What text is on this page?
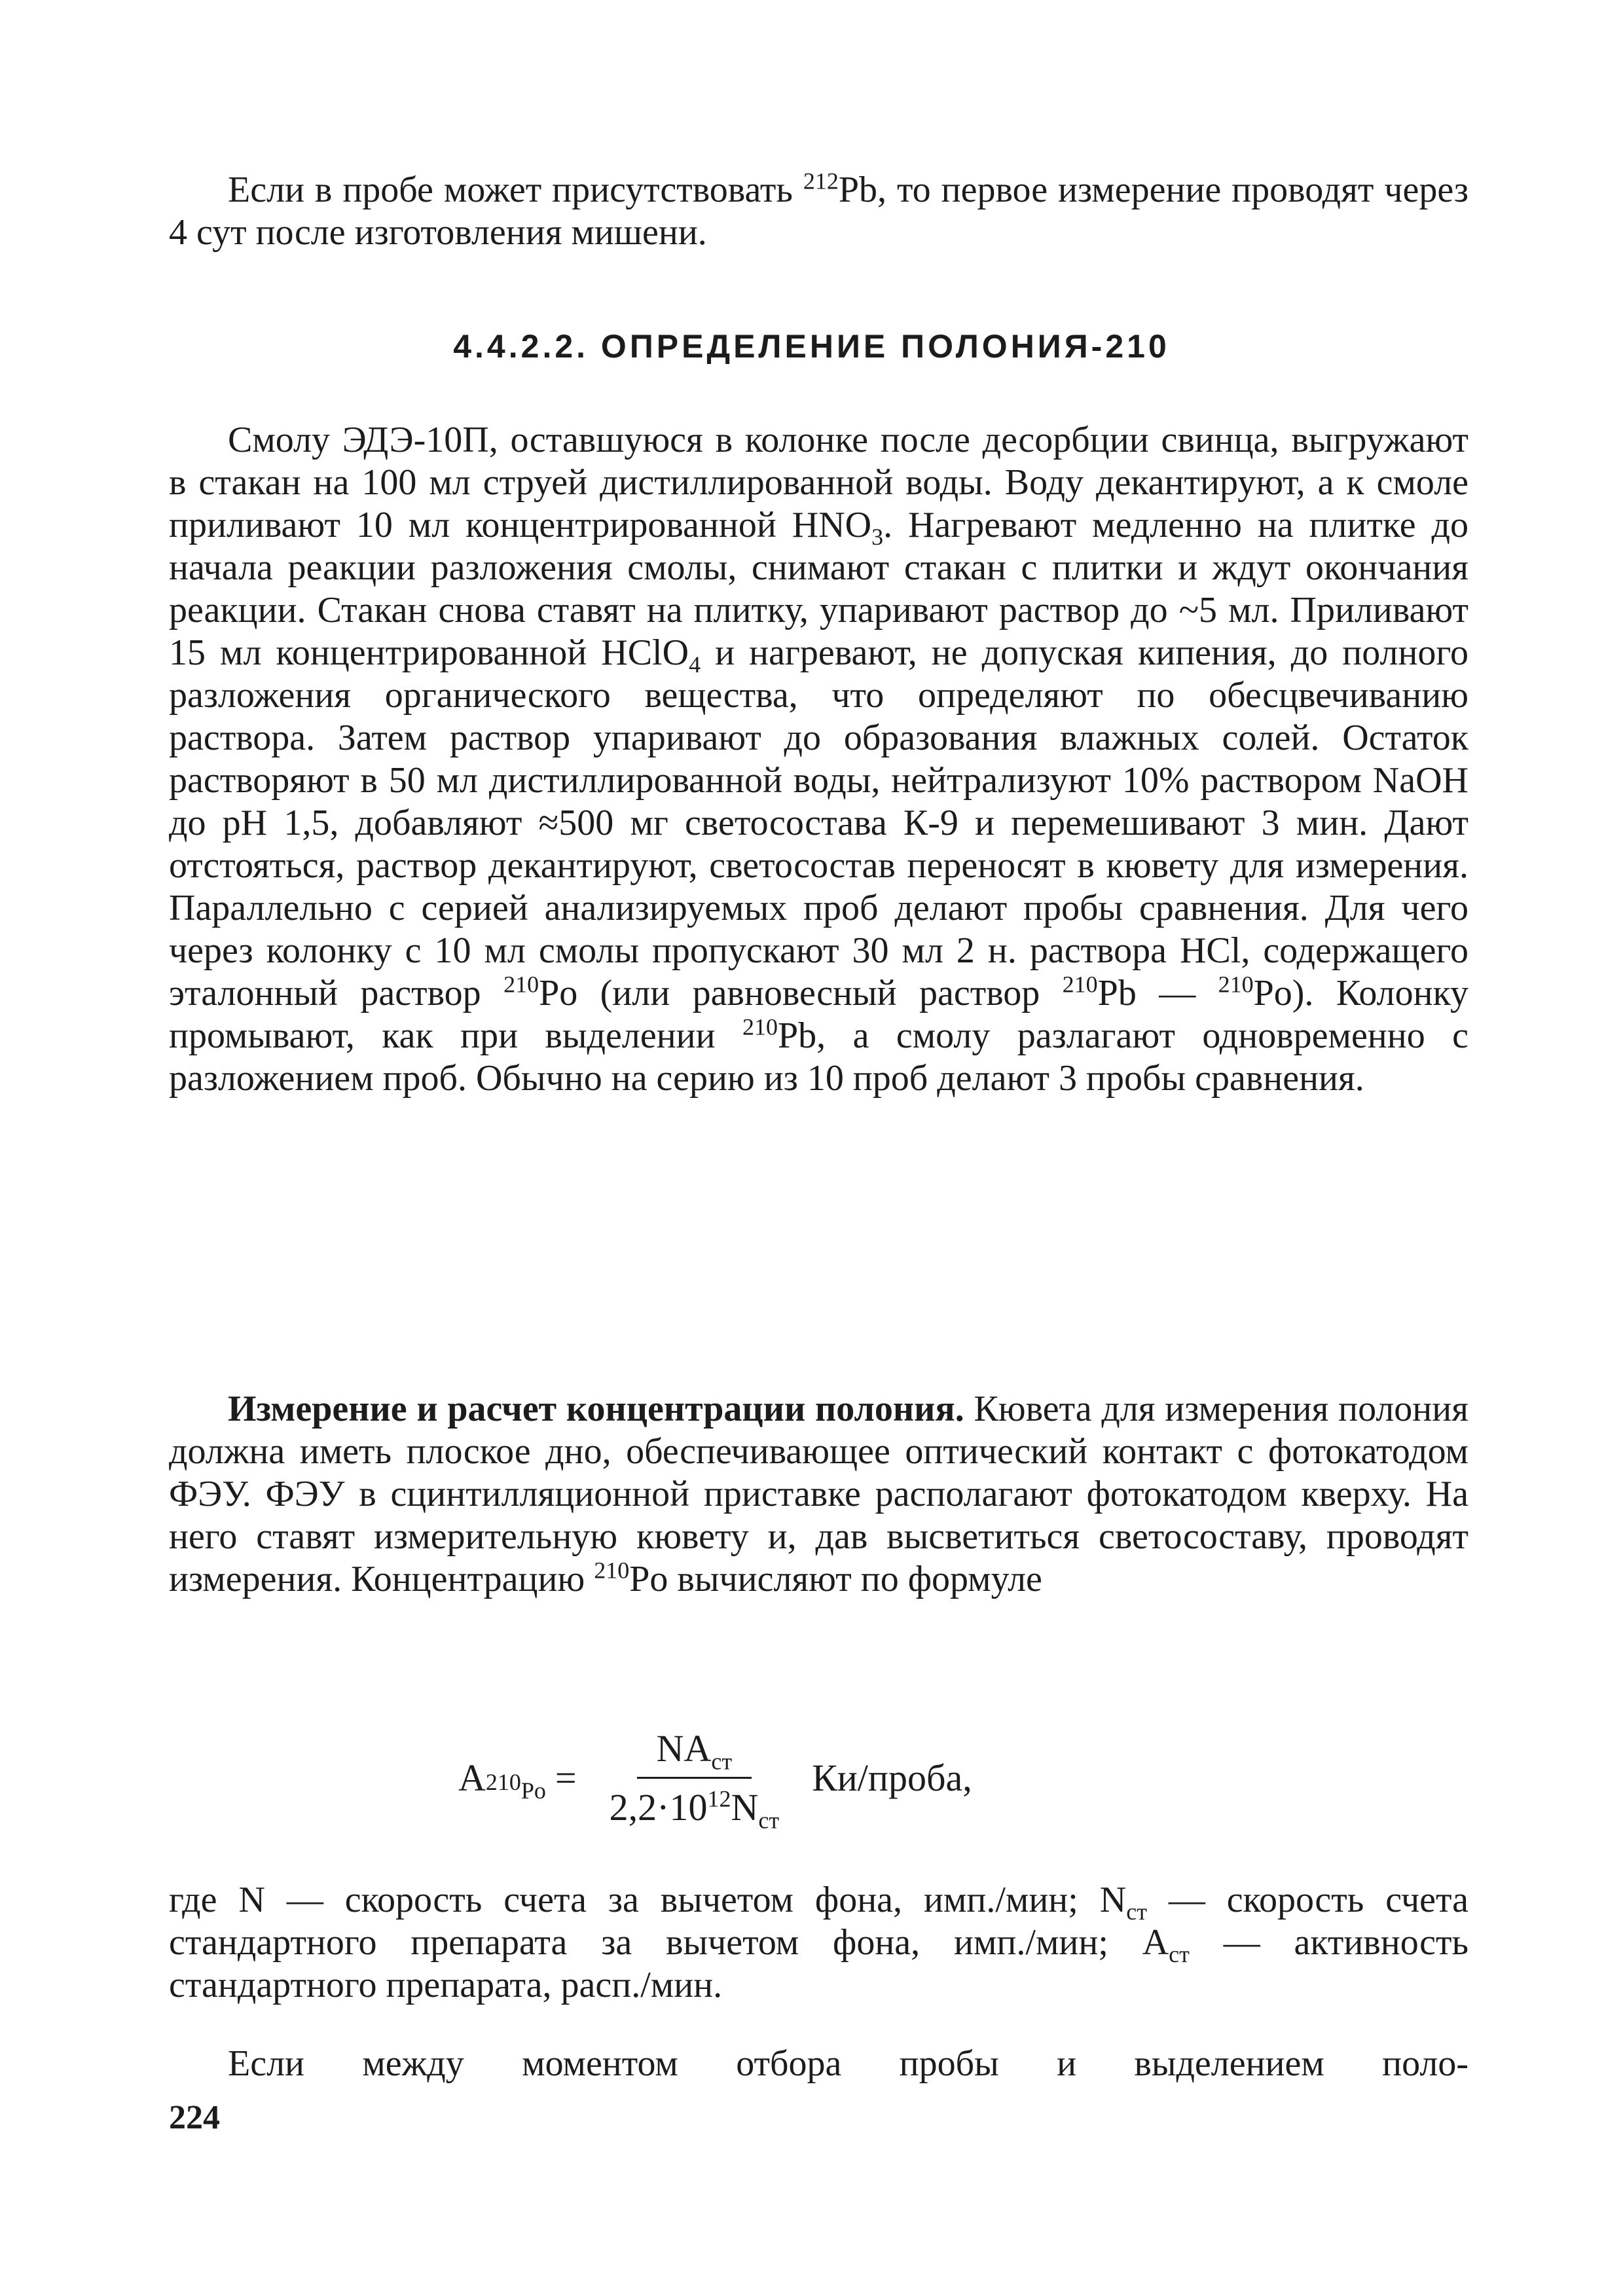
Если в пробе может присутствовать $^{212}$Pb, то первое измерение проводят через 4 сут после изготовления мишени.

4.4.2.2. ОПРЕДЕЛЕНИЕ ПОЛОНИЯ-210

Смолу ЭДЭ-10П, оставшуюся в колонке после десорбции свинца, выгружают в стакан на 100 мл струей дистиллированной воды. Воду декантируют, а к смоле приливают 10 мл концентрированной $HNO_3$. Нагревают медленно на плитке до начала реакции разложения смолы, снимают стакан с плитки и ждут окончания реакции. Стакан снова ставят на плитку, упаривают раствор до ~5 мл. Приливают 15 мл концентрированной HClO$_4$ и нагревают, не допуская кипения, до полного разложения органического вещества, что определяют по обесцвечиванию раствора. Затем раствор упаривают до образования влажных солей. Остаток растворяют в 50 мл дистиллированной воды, нейтрализуют 10% раствором NaOH до pH 1,5, добавляют ≈500 мг светосостава К-9 и перемешивают 3 мин. Дают отстояться, раствор декантируют, светосостав переносят в кювету для измерения. Параллельно с серией анализируемых проб делают пробы сравнения. Для чего через колонку с 10 мл смолы пропускают 30 мл 2 н. раствора HCl, содержащего эталонный раствор $^{210}$Po (или равновесный раствор $^{210}$Pb — $^{210}$Po). Колонку промывают, как при выделении $^{210}$Pb, а смолу разлагают одновременно с разложением проб. Обычно на серию из 10 проб делают 3 пробы сравнения.

Измерение и расчет концентрации полония. Кювета для измерения полония должна иметь плоское дно, обеспечивающее оптический контакт с фотокатодом ФЭУ. ФЭУ в сцинтилляционной приставке располагают фотокатодом кверху. На него ставят измерительную кювету и, дав высветиться светосоставу, проводят измерения. Концентрацию $^{210}$Po вычисляют по формуле

$A_{^{210}Po} = \frac{NA_{ст}}{2,2\cdot 10^{12}N_{ст}}$ Ки/проба,

где N — скорость счета за вычетом фона, имп./мин; $N_{ст}$ — скорость счета стандартного препарата за вычетом фона, имп./мин; $A_{ст}$ — активность стандартного препарата, расп./мин.

Если между моментом отбора пробы и выделением поло-

224
